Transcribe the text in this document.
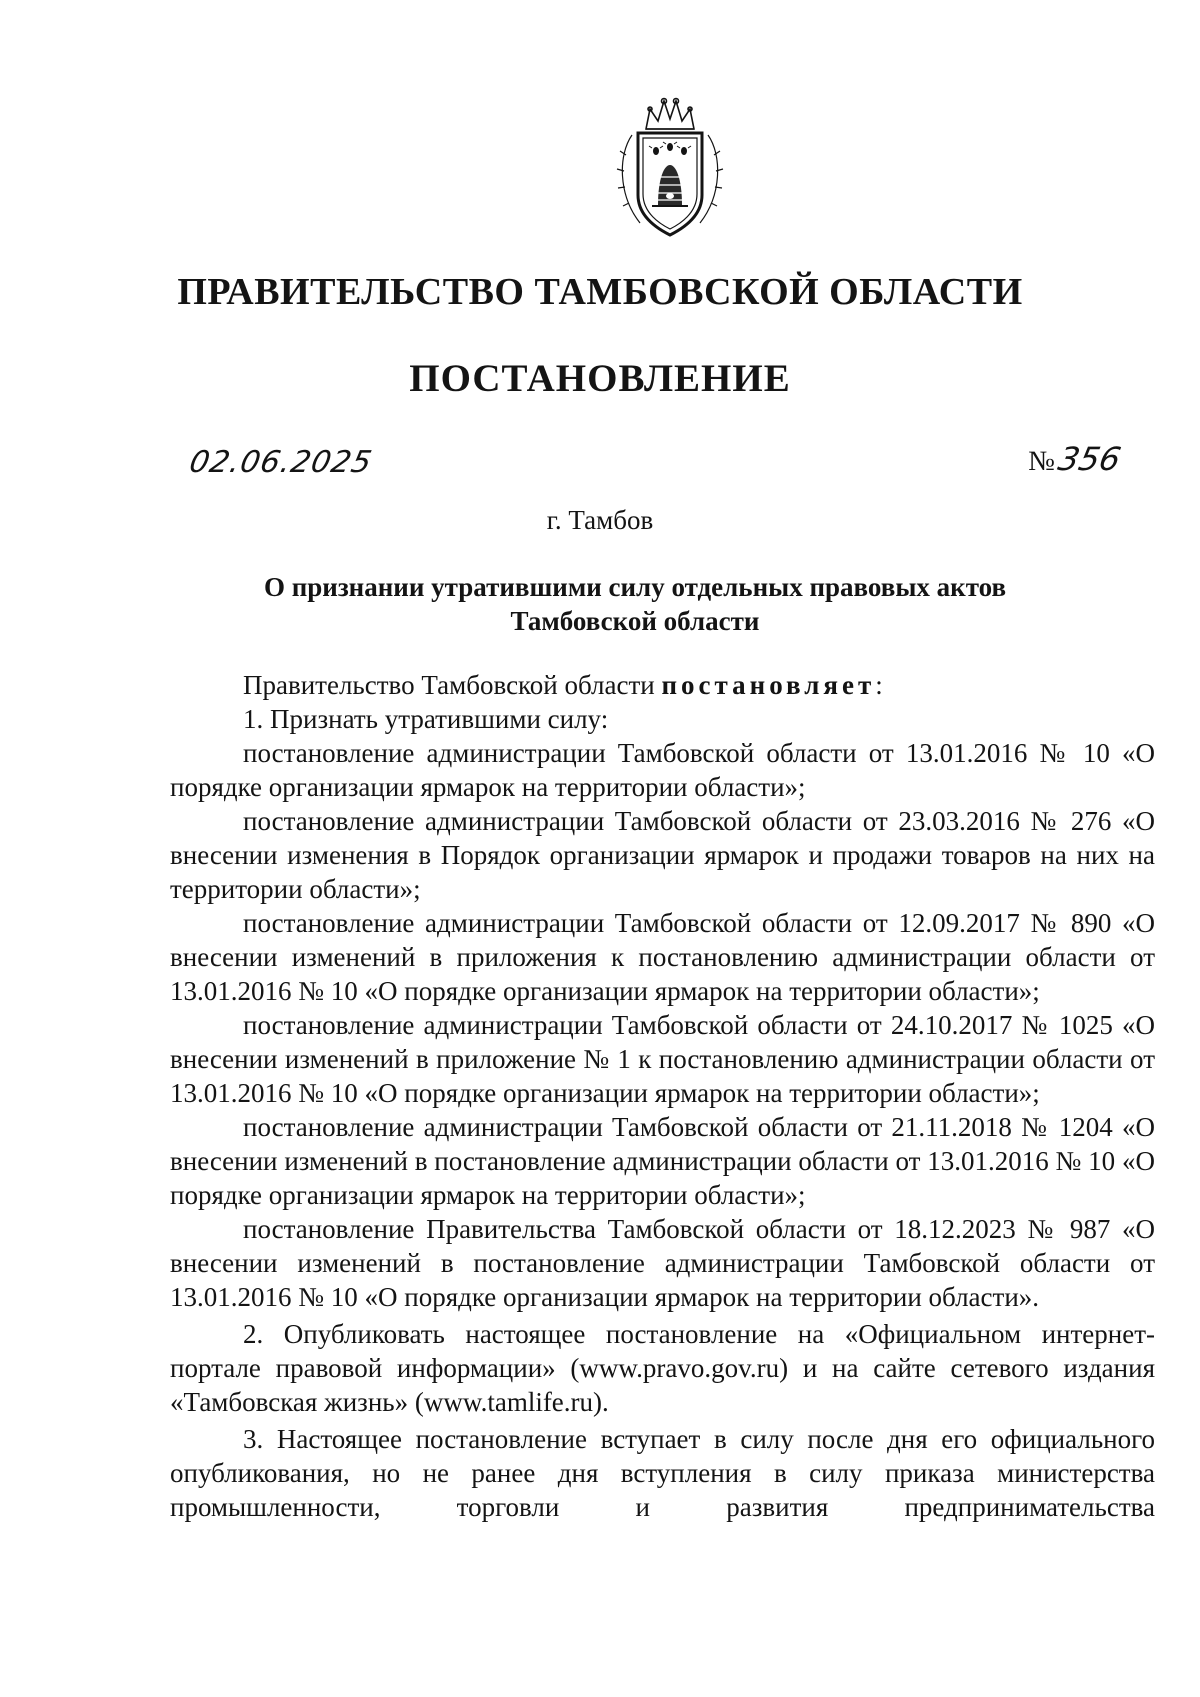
ПРАВИТЕЛЬСТВО ТАМБОВСКОЙ ОБЛАСТИ
ПОСТАНОВЛЕНИЕ
02.06.2025	№356
г. Тамбов
О признании утратившими силу отдельных правовых актов
Тамбовской области

Правительство Тамбовской области постановляет:

1. Признать утратившими силу:

постановление администрации Тамбовской области от 13.01.2016 № 10 «О порядке организации ярмарок на территории области»;

постановление администрации Тамбовской области от 23.03.2016 № 276 «О внесении изменения в Порядок организации ярмарок и продажи товаров на них на территории области»;

постановление администрации Тамбовской области от 12.09.2017 № 890 «О внесении изменений в приложения к постановлению администрации области от 13.01.2016 № 10 «О порядке организации ярмарок на территории области»;

постановление администрации Тамбовской области от 24.10.2017 № 1025 «О внесении изменений в приложение № 1 к постановлению администрации области от 13.01.2016 № 10 «О порядке организации ярмарок на территории области»;

постановление администрации Тамбовской области от 21.11.2018 № 1204 «О внесении изменений в постановление администрации области от 13.01.2016 № 10 «О порядке организации ярмарок на территории области»;

постановление Правительства Тамбовской области от 18.12.2023 № 987 «О внесении изменений в постановление администрации Тамбовской области от 13.01.2016 № 10 «О порядке организации ярмарок на территории области».

2. Опубликовать настоящее постановление на «Официальном интернет-портале правовой информации» (www.pravo.gov.ru) и на сайте сетевого издания «Тамбовская жизнь» (www.tamlife.ru).

3. Настоящее постановление вступает в силу после дня его официального опубликования, но не ранее дня вступления в силу приказа министерства промышленности, торговли и развития предпринимательства
